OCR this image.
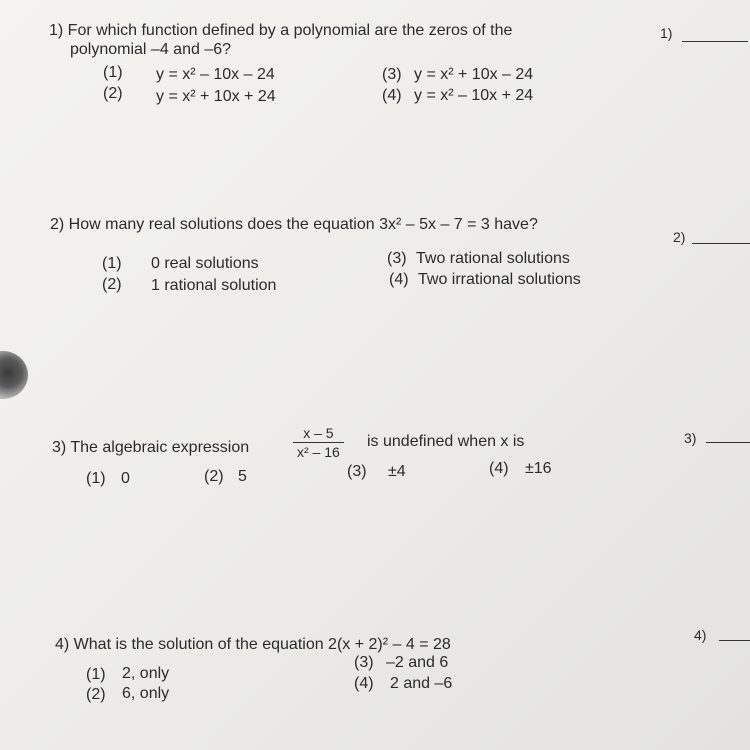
1) For which function defined by a polynomial are the zeros of the
polynomial –4 and –6?
1)
(1) y = x² – 10x – 24
(2) y = x² + 10x + 24
(3) y = x² + 10x – 24
(4) y = x² – 10x + 24
2) How many real solutions does the equation 3x² – 5x – 7 = 3 have?
2)
(1) 0 real solutions
(2) 1 rational solution
(3) Two rational solutions
(4) Two irrational solutions
3) The algebraic expression
x – 5
x² – 16
is undefined when x is	3)
(1) 0	(2) 5	(3) ±4	(4) ±16
4) What is the solution of the equation 2(x + 2)² – 4 = 28
4)
(1) 2, only
(2) 6, only
(3) –2 and 6
(4) 2 and –6
